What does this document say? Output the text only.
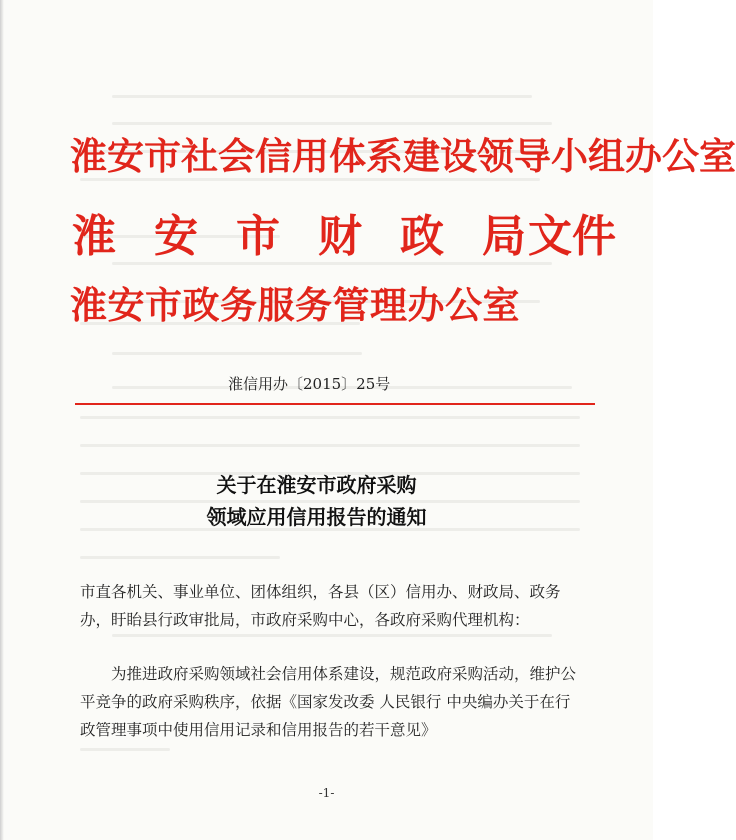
淮安市社会信用体系建设领导小组办公室
淮 安 市 财 政 局文件
淮安市政务服务管理办公室
淮信用办〔2015〕25号
关于在淮安市政府采购
领域应用信用报告的通知
市直各机关、事业单位、团体组织，各县（区）信用办、财政局、政务办，盱眙县行政审批局，市政府采购中心，各政府采购代理机构：
为推进政府采购领域社会信用体系建设，规范政府采购活动，维护公平竞争的政府采购秩序，依据《国家发改委 人民银行 中央编办关于在行政管理事项中使用信用记录和信用报告的若干意见》
-1-
